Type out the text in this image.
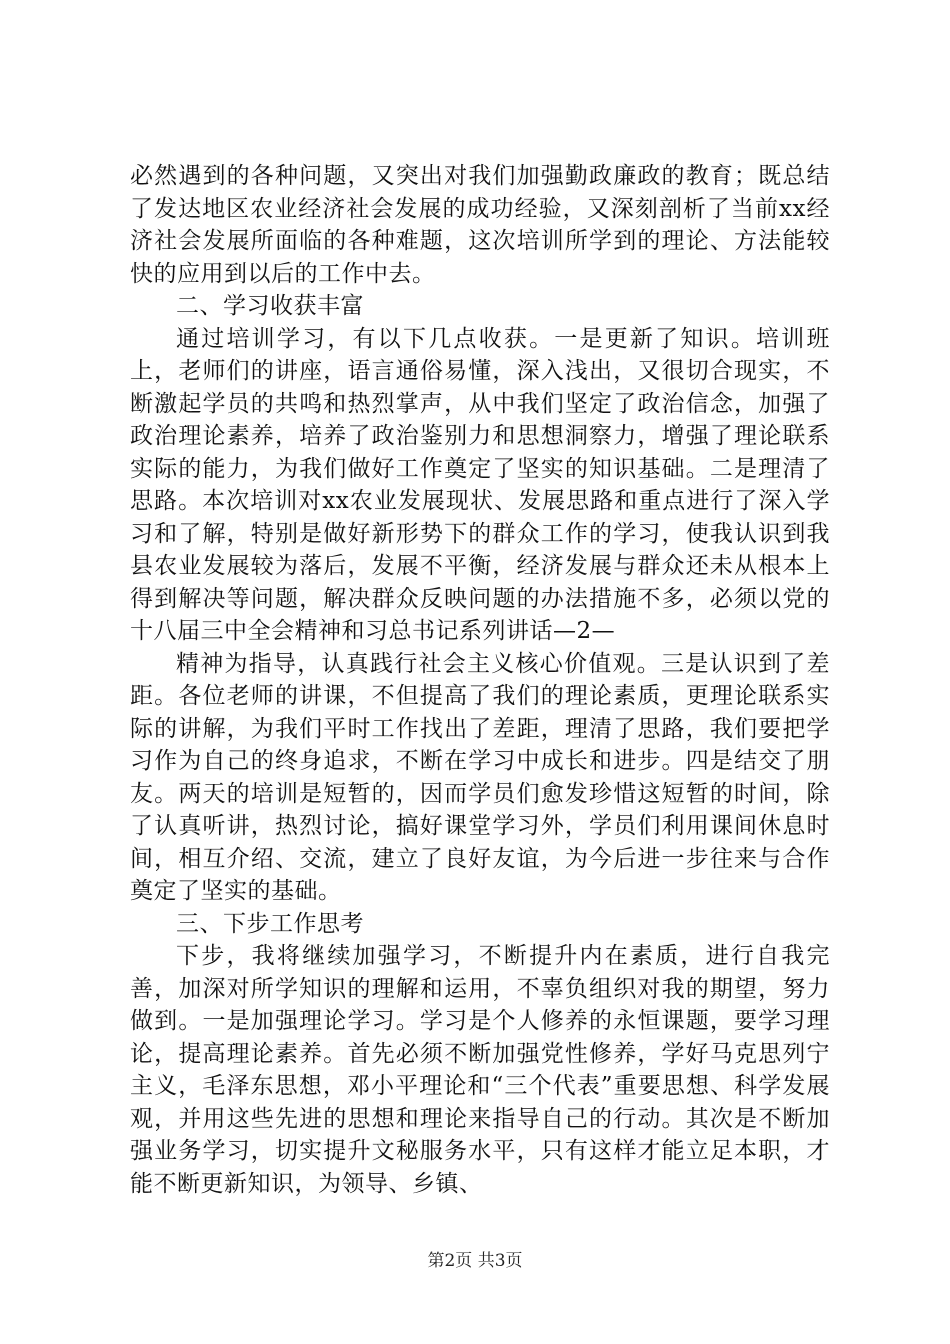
必然遇到的各种问题，又突出对我们加强勤政廉政的教育；既总结了发达地区农业经济社会发展的成功经验，又深刻剖析了当前xx经济社会发展所面临的各种难题，这次培训所学到的理论、方法能较快的应用到以后的工作中去。

二、学习收获丰富

通过培训学习，有以下几点收获。一是更新了知识。培训班上，老师们的讲座，语言通俗易懂，深入浅出，又很切合现实，不断激起学员的共鸣和热烈掌声，从中我们坚定了政治信念，加强了政治理论素养，培养了政治鉴别力和思想洞察力，增强了理论联系实际的能力，为我们做好工作奠定了坚实的知识基础。二是理清了思路。本次培训对xx农业发展现状、发展思路和重点进行了深入学习和了解，特别是做好新形势下的群众工作的学习，使我认识到我县农业发展较为落后，发展不平衡，经济发展与群众还未从根本上得到解决等问题，解决群众反映问题的办法措施不多，必须以党的十八届三中全会精神和习总书记系列讲话—2—

精神为指导，认真践行社会主义核心价值观。三是认识到了差距。各位老师的讲课，不但提高了我们的理论素质，更理论联系实际的讲解，为我们平时工作找出了差距，理清了思路，我们要把学习作为自己的终身追求，不断在学习中成长和进步。四是结交了朋友。两天的培训是短暂的，因而学员们愈发珍惜这短暂的时间，除了认真听讲，热烈讨论，搞好课堂学习外，学员们利用课间休息时间，相互介绍、交流，建立了良好友谊，为今后进一步往来与合作奠定了坚实的基础。

三、下步工作思考

下步，我将继续加强学习，不断提升内在素质，进行自我完善，加深对所学知识的理解和运用，不辜负组织对我的期望，努力做到。一是加强理论学习。学习是个人修养的永恒课题，要学习理论，提高理论素养。首先必须不断加强党性修养，学好马克思列宁主义，毛泽东思想，邓小平理论和“三个代表”重要思想、科学发展观，并用这些先进的思想和理论来指导自己的行动。其次是不断加强业务学习，切实提升文秘服务水平，只有这样才能立足本职，才能不断更新知识，为领导、乡镇、

第2页 共3页
